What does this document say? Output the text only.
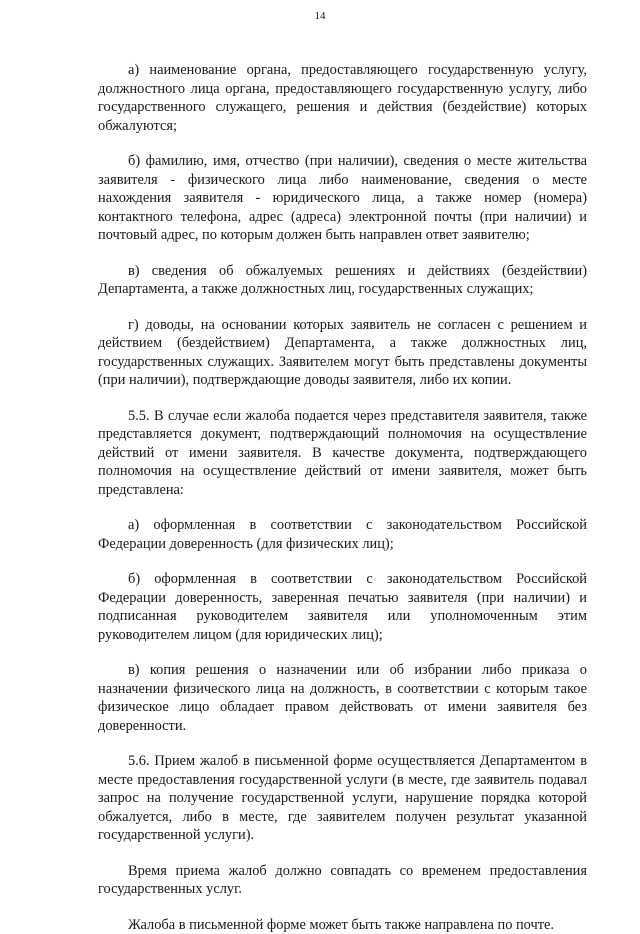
14

а) наименование органа, предоставляющего государственную услугу, должностного лица органа, предоставляющего государственную услугу, либо государственного служащего, решения и действия (бездействие) которых обжалуются;

б) фамилию, имя, отчество (при наличии), сведения о месте жительства заявителя - физического лица либо наименование, сведения о месте нахождения заявителя - юридического лица, а также номер (номера) контактного телефона, адрес (адреса) электронной почты (при наличии) и почтовый адрес, по которым должен быть направлен ответ заявителю;

в) сведения об обжалуемых решениях и действиях (бездействии) Департамента, а также должностных лиц, государственных служащих;

г) доводы, на основании которых заявитель не согласен с решением и действием (бездействием) Департамента, а также должностных лиц, государственных служащих. Заявителем могут быть представлены документы (при наличии), подтверждающие доводы заявителя, либо их копии.

5.5. В случае если жалоба подается через представителя заявителя, также представляется документ, подтверждающий полномочия на осуществление действий от имени заявителя. В качестве документа, подтверждающего полномочия на осуществление действий от имени заявителя, может быть представлена:

а) оформленная в соответствии с законодательством Российской Федерации доверенность (для физических лиц);

б) оформленная в соответствии с законодательством Российской Федерации доверенность, заверенная печатью заявителя (при наличии) и подписанная руководителем заявителя или уполномоченным этим руководителем лицом (для юридических лиц);

в) копия решения о назначении или об избрании либо приказа о назначении физического лица на должность, в соответствии с которым такое физическое лицо обладает правом действовать от имени заявителя без доверенности.

5.6. Прием жалоб в письменной форме осуществляется Департаментом в месте предоставления государственной услуги (в месте, где заявитель подавал запрос на получение государственной услуги, нарушение порядка которой обжалуется, либо в месте, где заявителем получен результат указанной государственной услуги).

Время приема жалоб должно совпадать со временем предоставления государственных услуг.

Жалоба в письменной форме может быть также направлена по почте.
